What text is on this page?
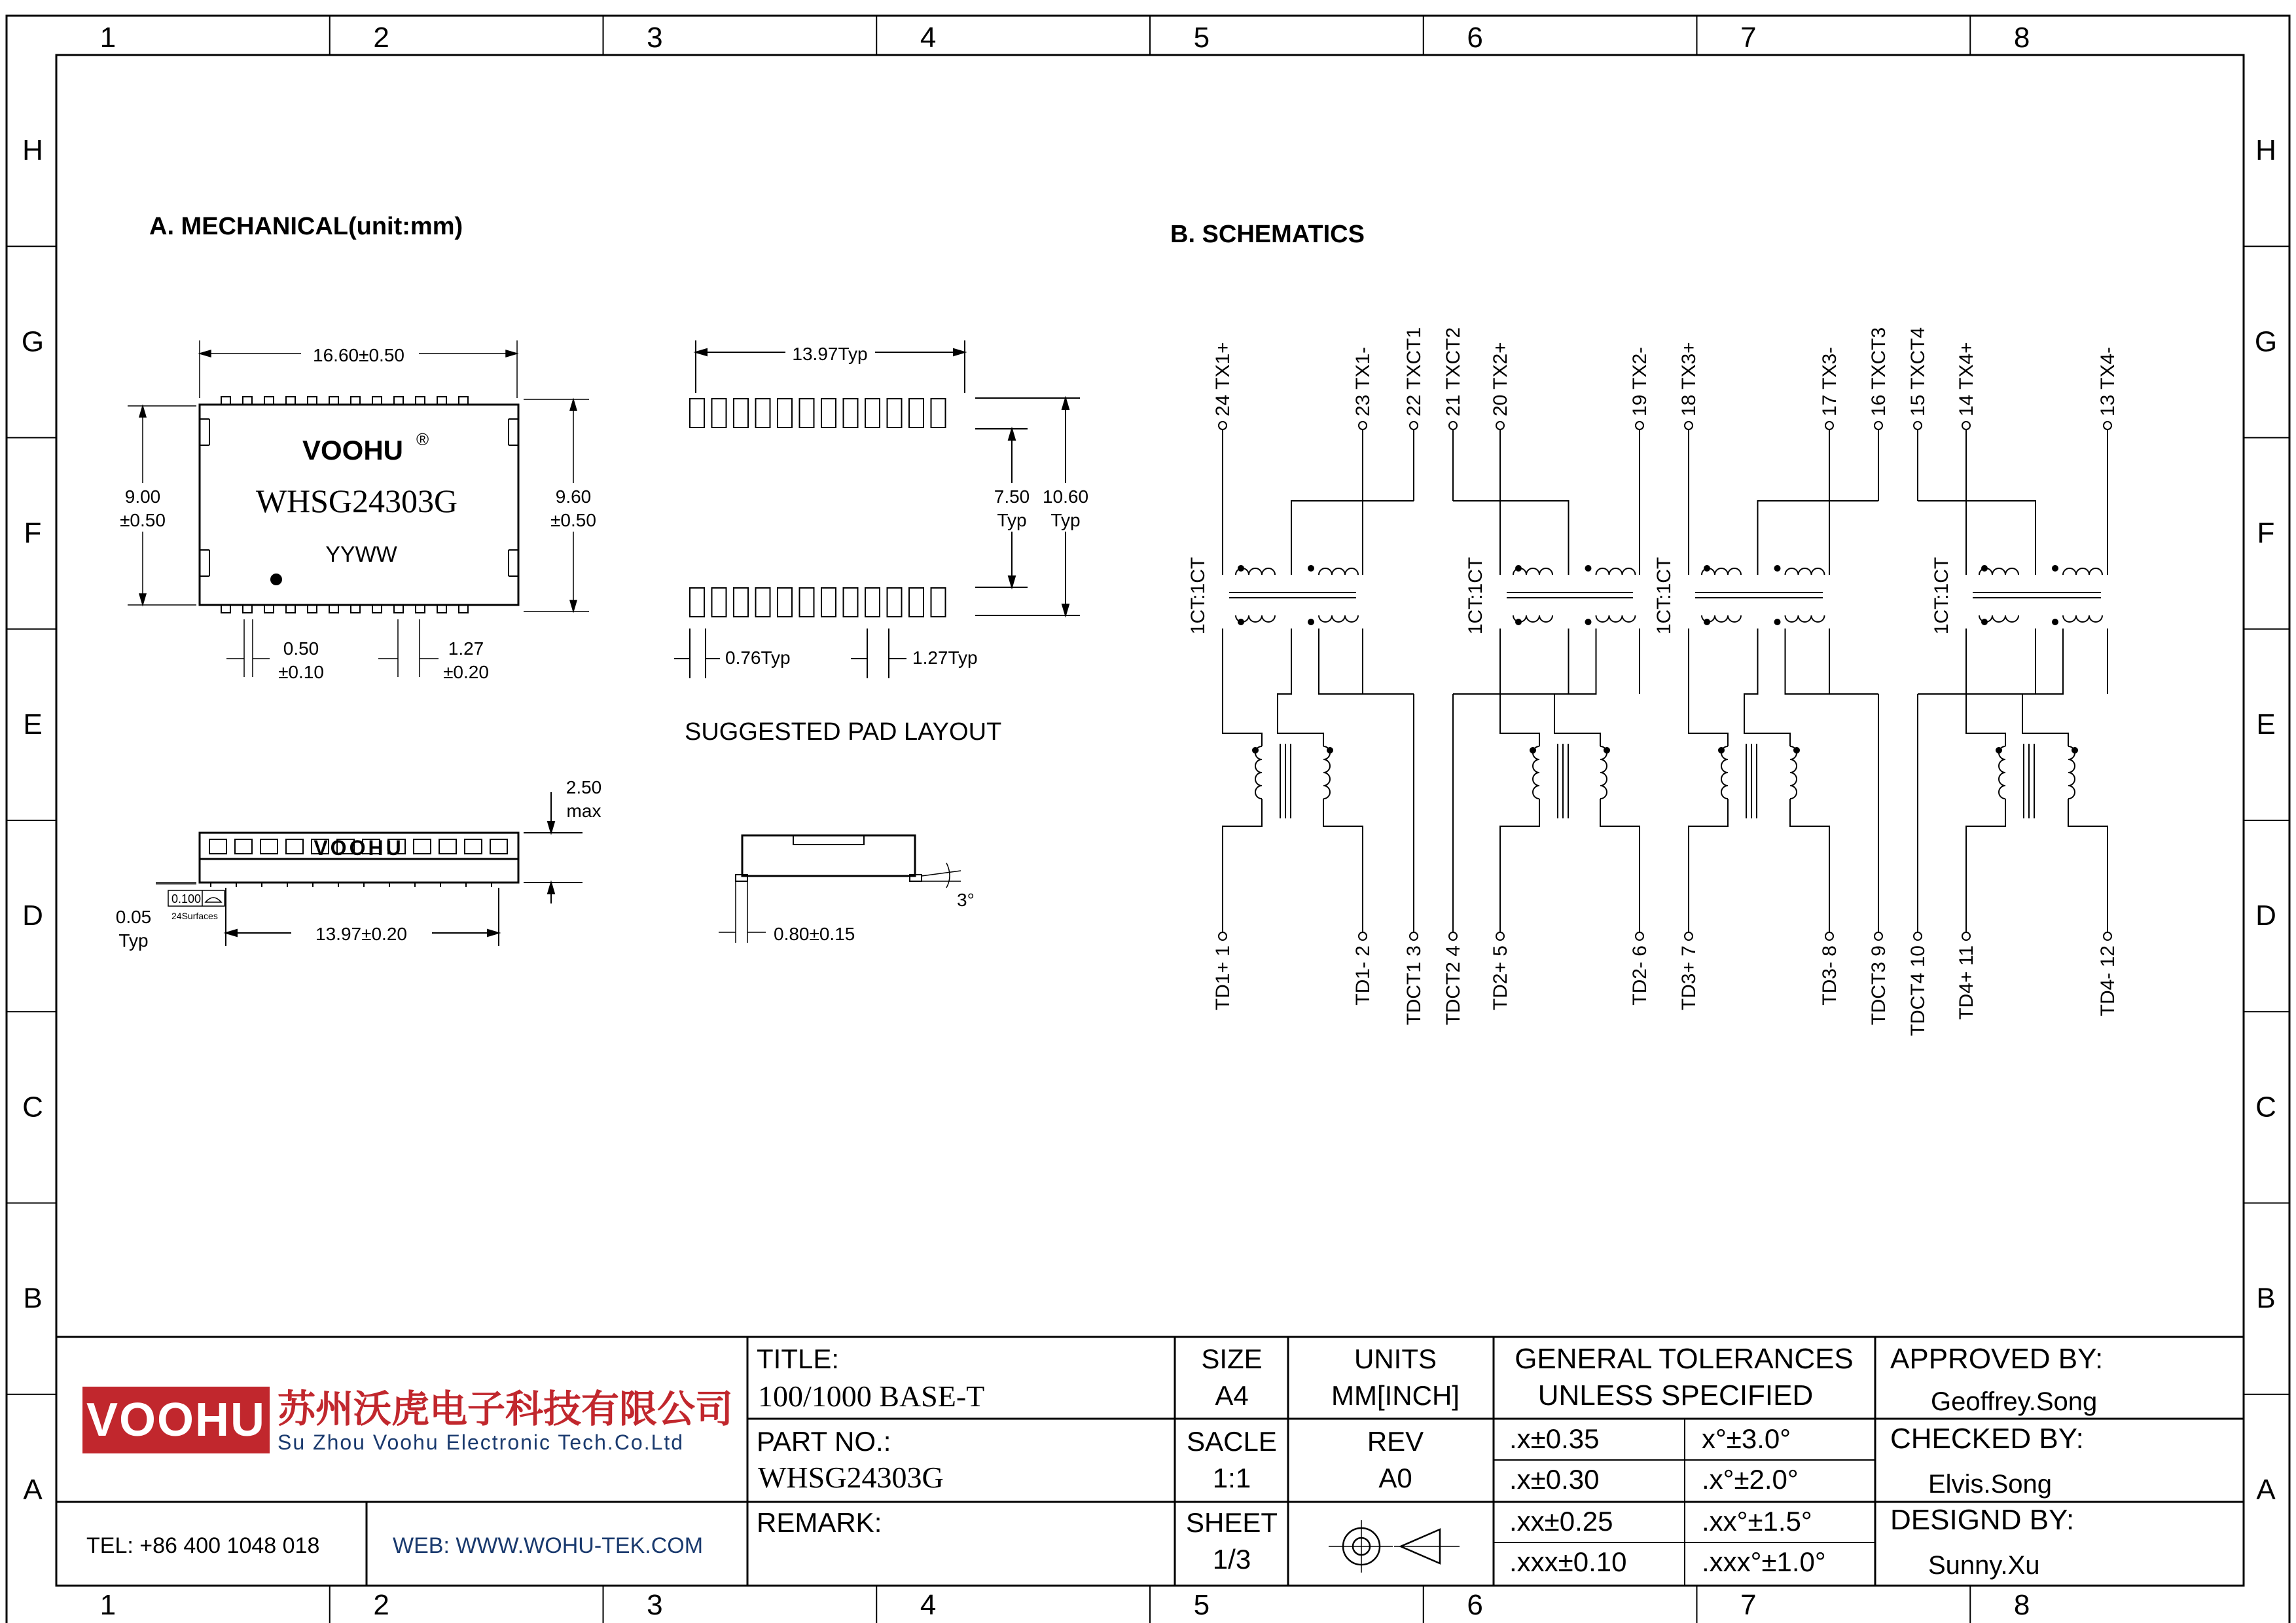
1
1
2
2
3
3
4
4
5
5
6
6
7
7
8
8
H	H
G	G
F	F
E	E
D	D
C	C
B	B
A	A
A. MECHANICAL(unit:mm)
VOOHU ®
WHSG24303G
YYWW
16.60±0.50
9.00
±0.50
9.60
±0.50
0.50
±0.10
1.27
±0.20
13.97Typ
7.50
Typ
10.60
Typ
0.76Typ	1.27Typ
SUGGESTED PAD LAYOUT
VOOHU
2.50
max
0.100
24Surfaces
0.05
Typ	13.97±0.20	0.80±0.15
3°
B. SCHEMATICS
24 TX1+
TD1+ 1
23 TX1-
TD1- 2
22 TXCT1
TDCT1 3
1CT:1CT
21 TXCT2
TDCT2 4
20 TX2+
TD2+ 5
19 TX2-
TD2- 6
1CT:1CT
18 TX3+
TD3+ 7
17 TX3-
TD3- 8
16 TXCT3
TDCT3 9
1CT:1CT
15 TXCT4
TDCT4 10
14 TX4+
TD4+ 11
13 TX4-
TD4- 12
1CT:1CT
VOOHU 苏州沃虎电子科技有限公司
Su Zhou Voohu Electronic Tech.Co.Ltd
TEL: +86 400 1048 018	WEB: WWW.WOHU-TEK.COM
TITLE:
100/1000 BASE-T
PART NO.:
WHSG24303G
REMARK:
SIZE
A4
UNITS
MM[INCH]
SACLE
1:1
REV
A0
SHEET
1/3
GENERAL TOLERANCES
UNLESS SPECIFIED
.x±0.35	x°±3.0°
.x±0.30	.x°±2.0°
.xx±0.25	.xx°±1.5°
.xxx±0.10	.xxx°±1.0°
APPROVED BY:
Geoffrey.Song
CHECKED BY:
Elvis.Song
DESIGND BY:
Sunny.Xu
